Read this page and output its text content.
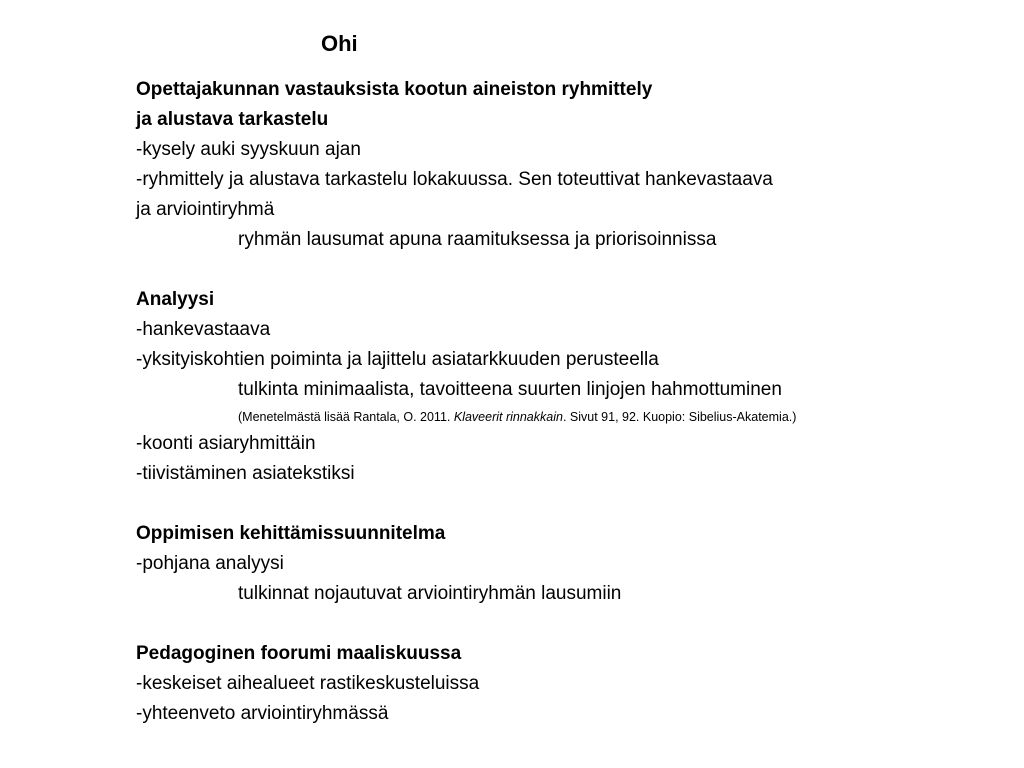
Ohi
Opettajakunnan vastauksista kootun aineiston ryhmittely
ja alustava tarkastelu
-kysely auki syyskuun ajan
-ryhmittely ja alustava tarkastelu lokakuussa. Sen toteuttivat hankevastaava
ja arviointiryhmä
ryhmän lausumat apuna raamituksessa ja priorisoinnissa
Analyysi
-hankevastaava
-yksityiskohtien poiminta ja lajittelu asiatarkkuuden perusteella
tulkinta minimaalista, tavoitteena suurten linjojen hahmottuminen
(Menetelmästä lisää Rantala, O. 2011. Klaveerit rinnakkain. Sivut 91, 92. Kuopio: Sibelius-Akatemia.)
-koonti asiaryhmittäin
-tiivistäminen asiatekstiksi
Oppimisen kehittämissuunnitelma
-pohjana analyysi
tulkinnat nojautuvat arviointiryhmän lausumiin
Pedagoginen foorumi maaliskuussa
-keskeiset aihealueet rastikeskusteluissa
-yhteenveto arviointiryhmässä
